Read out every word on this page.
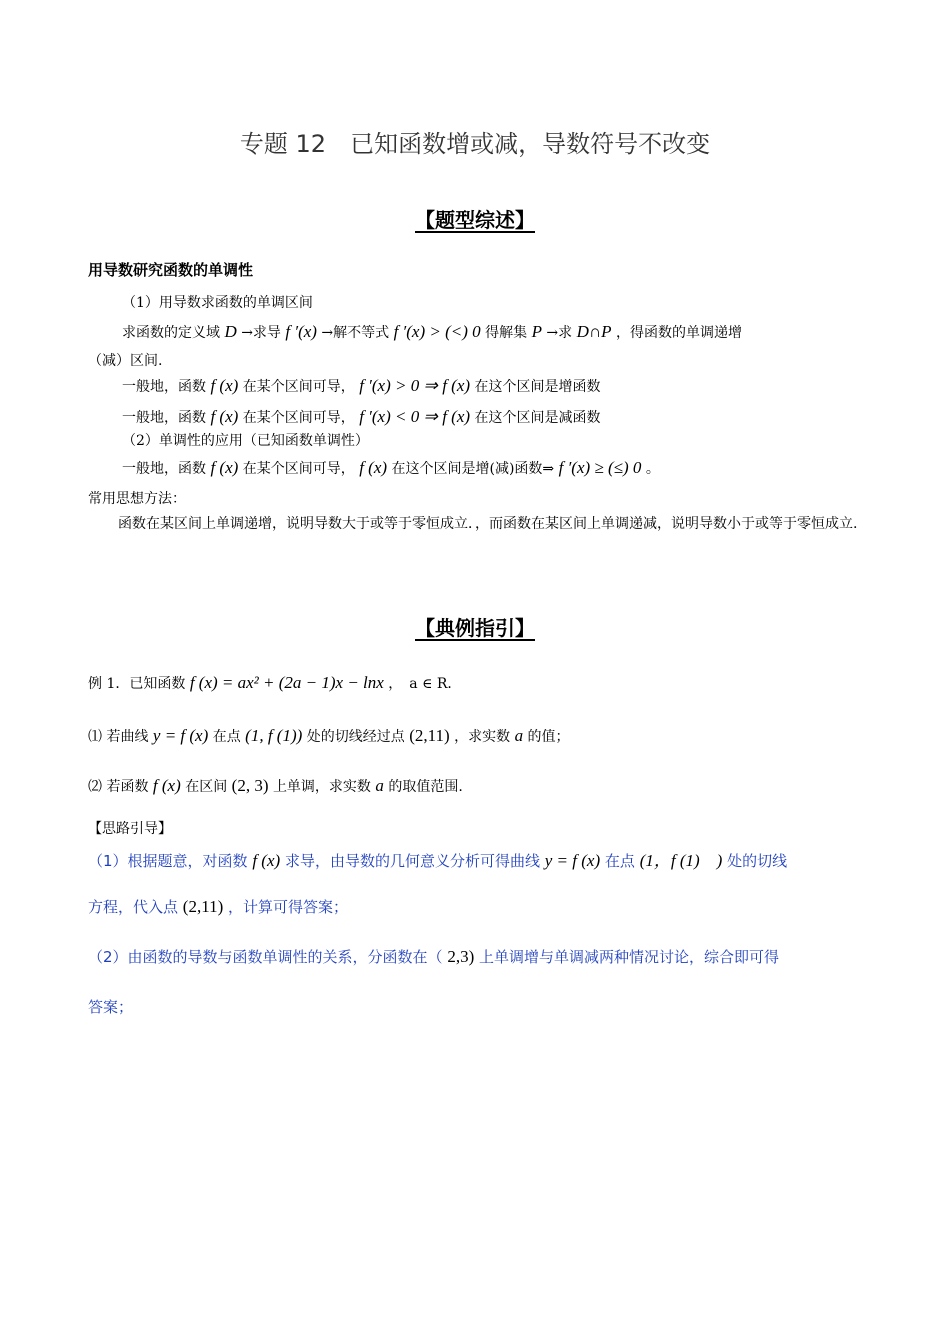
专题 12　已知函数增或减，导数符号不改变
【题型综述】
用导数研究函数的单调性
（1）用导数求函数的单调区间
求函数的定义域 D →求导 f ′(x) →解不等式 f ′(x) > (<) 0 得解集 P →求 D∩P ，得函数的单调递增
（减）区间.
一般地，函数 f (x) 在某个区间可导， f ′(x) > 0 ⇒ f (x) 在这个区间是增函数
一般地，函数 f (x) 在某个区间可导， f ′(x) < 0 ⇒ f (x) 在这个区间是减函数
（2）单调性的应用（已知函数单调性）
一般地，函数 f (x) 在某个区间可导， f (x) 在这个区间是增(减)函数⇒ f ′(x) ≥ (≤) 0 。
常用思想方法：
函数在某区间上单调递增，说明导数大于或等于零恒成立．，而函数在某区间上单调递减，说明导数小于或等于零恒成立.
【典例指引】
例 1．已知函数 f (x) = ax² + (2a − 1)x − lnx ，　a ∈ R．
⑴ 若曲线 y = f (x) 在点 (1, f (1)) 处的切线经过点 (2,11) ，求实数 a 的值；
⑵ 若函数 f (x) 在区间 (2, 3) 上单调，求实数 a 的取值范围.
【思路引导】
（1）根据题意，对函数 f (x) 求导，由导数的几何意义分析可得曲线 y = f (x) 在点 (1，f (1)　) 处的切线
方程，代入点 (2,11) ，计算可得答案；
（2）由函数的导数与函数单调性的关系，分函数在（ 2,3) 上单调增与单调减两种情况讨论，综合即可得
答案；
